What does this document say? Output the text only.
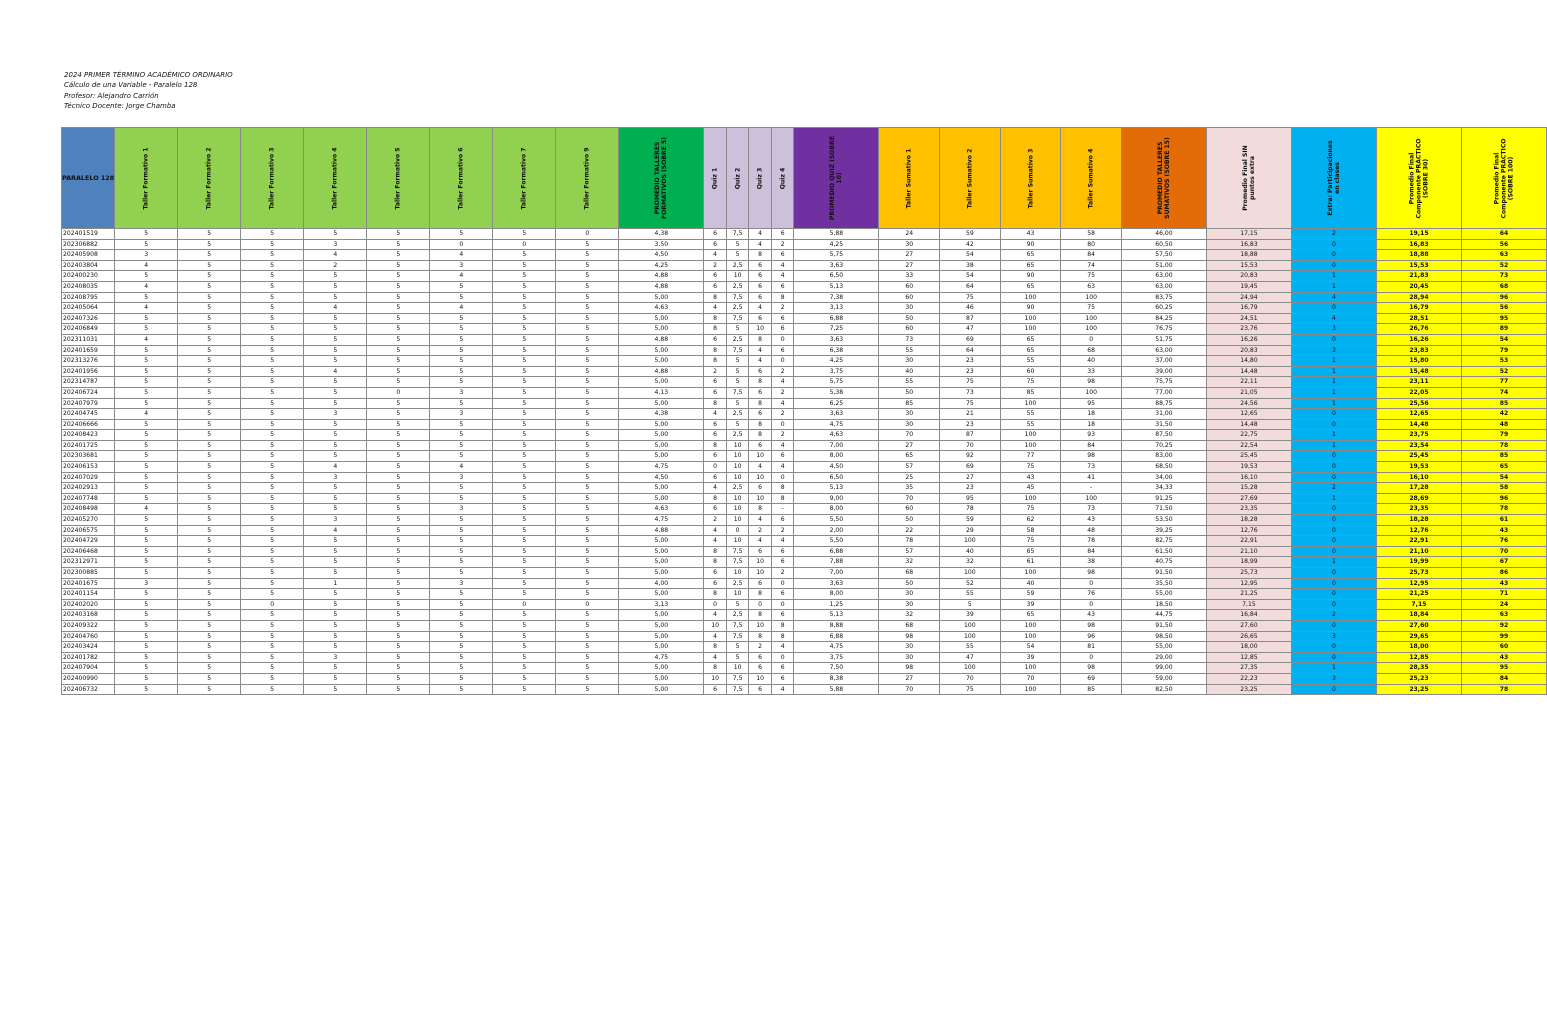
2024 PRIMER TÉRMINO ACADÉMICO ORDINARIO
Cálculo de una Variable - Paralelo 128
Profesor: Alejandro Carrión
Técnico Docente: Jorge Chamba
PARALELO 128	Taller Formativo 1	Taller Formativo 2	Taller Formativo 3	Taller Formativo 4	Taller Formativo 5	Taller Formativo 6	Taller Formativo 7	Taller Formativo 9	PROMEDIO TALLERES FORMATIVOS (SOBRE 5)	Quiz 1	Quiz 2	Quiz 3	Quiz 4	PROMEDIO QUIZ (SOBRE 10)	Taller Sumativo 1	Taller Sumativo 2	Taller Sumativo 3	Taller Sumativo 4	PROMEDIO TALLERES SUMATIVOS (SOBRE 15)	Promedio Final SIN puntos extra	Extra: Participaciones en clases	Promedio Final Componente PRÁCTICO (SOBRE 30)	Promedio Final Componente PRÁCTICO (SOBRE 100)

202401519	5	5	5	5	5	5	5	0	4,38	6	7,5	4	6	5,88	24	59	43	58	46,00	17,15	2	19,15	64
202306882	5	5	5	3	5	0	0	5	3,50	6	5	4	2	4,25	30	42	90	80	60,50	16,83	0	16,83	56
202405908	3	5	5	4	5	4	5	5	4,50	4	5	8	6	5,75	27	54	65	84	57,50	18,88	0	18,88	63
202403804	4	5	5	2	5	3	5	5	4,25	2	2,5	6	4	3,63	27	38	65	74	51,00	15,53	0	15,53	52
202400230	5	5	5	5	5	4	5	5	4,88	6	10	6	4	6,50	33	54	90	75	63,00	20,83	1	21,83	73
202408035	4	5	5	5	5	5	5	5	4,88	6	2,5	6	6	5,13	60	64	65	63	63,00	19,45	1	20,45	68
202408795	5	5	5	5	5	5	5	5	5,00	8	7,5	6	8	7,38	60	75	100	100	83,75	24,94	4	28,94	96
202405064	4	5	5	4	5	4	5	5	4,63	4	2,5	4	2	3,13	30	46	90	75	60,25	16,79	0	16,79	56
202407326	5	5	5	5	5	5	5	5	5,00	8	7,5	6	6	6,88	50	87	100	100	84,25	24,51	4	28,51	95
202406849	5	5	5	5	5	5	5	5	5,00	8	5	10	6	7,25	60	47	100	100	76,75	23,76	3	26,76	89
202311031	4	5	5	5	5	5	5	5	4,88	6	2,5	8	0	3,63	73	69	65	0	51,75	16,26	0	16,26	54
202401659	5	5	5	5	5	5	5	5	5,00	8	7,5	4	6	6,38	55	64	65	68	63,00	20,83	3	23,83	79
202313276	5	5	5	5	5	5	5	5	5,00	8	5	4	0	4,25	30	23	55	40	37,00	14,80	1	15,80	53
202401956	5	5	5	4	5	5	5	5	4,88	2	5	6	2	3,75	40	23	60	33	39,00	14,48	1	15,48	52
202314787	5	5	5	5	5	5	5	5	5,00	6	5	8	4	5,75	55	75	75	98	75,75	22,11	1	23,11	77
202406724	5	5	5	5	0	3	5	5	4,13	6	7,5	6	2	5,38	50	73	85	100	77,00	21,05	1	22,05	74
202407979	5	5	5	5	5	5	5	5	5,00	8	5	8	4	6,25	85	75	100	95	88,75	24,56	1	25,56	85
202404745	4	5	5	3	5	3	5	5	4,38	4	2,5	6	2	3,63	30	21	55	18	31,00	12,65	0	12,65	42
202406666	5	5	5	5	5	5	5	5	5,00	6	5	8	0	4,75	30	23	55	18	31,50	14,48	0	14,48	48
202408423	5	5	5	5	5	5	5	5	5,00	6	2,5	8	2	4,63	70	87	100	93	87,50	22,75	1	23,75	79
202401725	5	5	5	5	5	5	5	5	5,00	8	10	6	4	7,00	27	70	100	84	70,25	22,54	1	23,54	78
202303681	5	5	5	5	5	5	5	5	5,00	6	10	10	6	8,00	65	92	77	98	83,00	25,45	0	25,45	85
202406153	5	5	5	4	5	4	5	5	4,75	0	10	4	4	4,50	57	69	75	73	68,50	19,53	0	19,53	65
202407029	5	5	5	3	5	3	5	5	4,50	6	10	10	0	6,50	25	27	43	41	34,00	16,10	0	16,10	54
202402913	5	5	5	5	5	5	5	5	5,00	4	2,5	6	8	5,13	35	23	45	-	34,33	15,28	2	17,28	58
202407748	5	5	5	5	5	5	5	5	5,00	8	10	10	8	9,00	70	95	100	100	91,25	27,69	1	28,69	96
202408498	4	5	5	5	5	3	5	5	4,63	6	10	8	-	8,00	60	78	75	73	71,50	23,35	0	23,35	78
202405270	5	5	5	3	5	5	5	5	4,75	2	10	4	6	5,50	50	59	62	43	53,50	18,28	0	18,28	61
202406575	5	5	5	4	5	5	5	5	4,88	4	0	2	2	2,00	22	29	58	48	39,25	12,76	0	12,76	43
202404729	5	5	5	5	5	5	5	5	5,00	4	10	4	4	5,50	78	100	75	78	82,75	22,91	0	22,91	76
202406468	5	5	5	5	5	5	5	5	5,00	8	7,5	6	6	6,88	57	40	65	84	61,50	21,10	0	21,10	70
202312971	5	5	5	5	5	5	5	5	5,00	8	7,5	10	6	7,88	32	32	61	38	40,75	18,99	1	19,99	67
202300885	5	5	5	5	5	5	5	5	5,00	6	10	10	2	7,00	68	100	100	98	91,50	25,73	0	25,73	86
202401675	3	5	5	1	5	3	5	5	4,00	6	2,5	6	0	3,63	50	52	40	0	35,50	12,95	0	12,95	43
202401154	5	5	5	5	5	5	5	5	5,00	8	10	8	6	8,00	30	55	59	76	55,00	21,25	0	21,25	71
202402020	5	5	0	5	5	5	0	0	3,13	0	5	0	0	1,25	30	5	39	0	18,50	7,15	0	7,15	24
202403168	5	5	5	5	5	5	5	5	5,00	4	2,5	8	6	5,13	32	39	65	43	44,75	16,84	2	18,84	63
202409322	5	5	5	5	5	5	5	5	5,00	10	7,5	10	8	8,88	68	100	100	98	91,50	27,60	0	27,60	92
202404760	5	5	5	5	5	5	5	5	5,00	4	7,5	8	8	6,88	98	100	100	96	98,50	26,65	3	29,65	99
202403424	5	5	5	5	5	5	5	5	5,00	8	5	2	4	4,75	30	55	54	81	55,00	18,00	0	18,00	60
202401782	5	5	5	3	5	5	5	5	4,75	4	5	6	0	3,75	30	47	39	0	29,00	12,85	0	12,85	43
202407904	5	5	5	5	5	5	5	5	5,00	8	10	6	6	7,50	98	100	100	98	99,00	27,35	1	28,35	95
202400990	5	5	5	5	5	5	5	5	5,00	10	7,5	10	6	8,38	27	70	70	69	59,00	22,23	3	25,23	84
202406732	5	5	5	5	5	5	5	5	5,00	6	7,5	6	4	5,88	70	75	100	85	82,50	23,25	0	23,25	78
